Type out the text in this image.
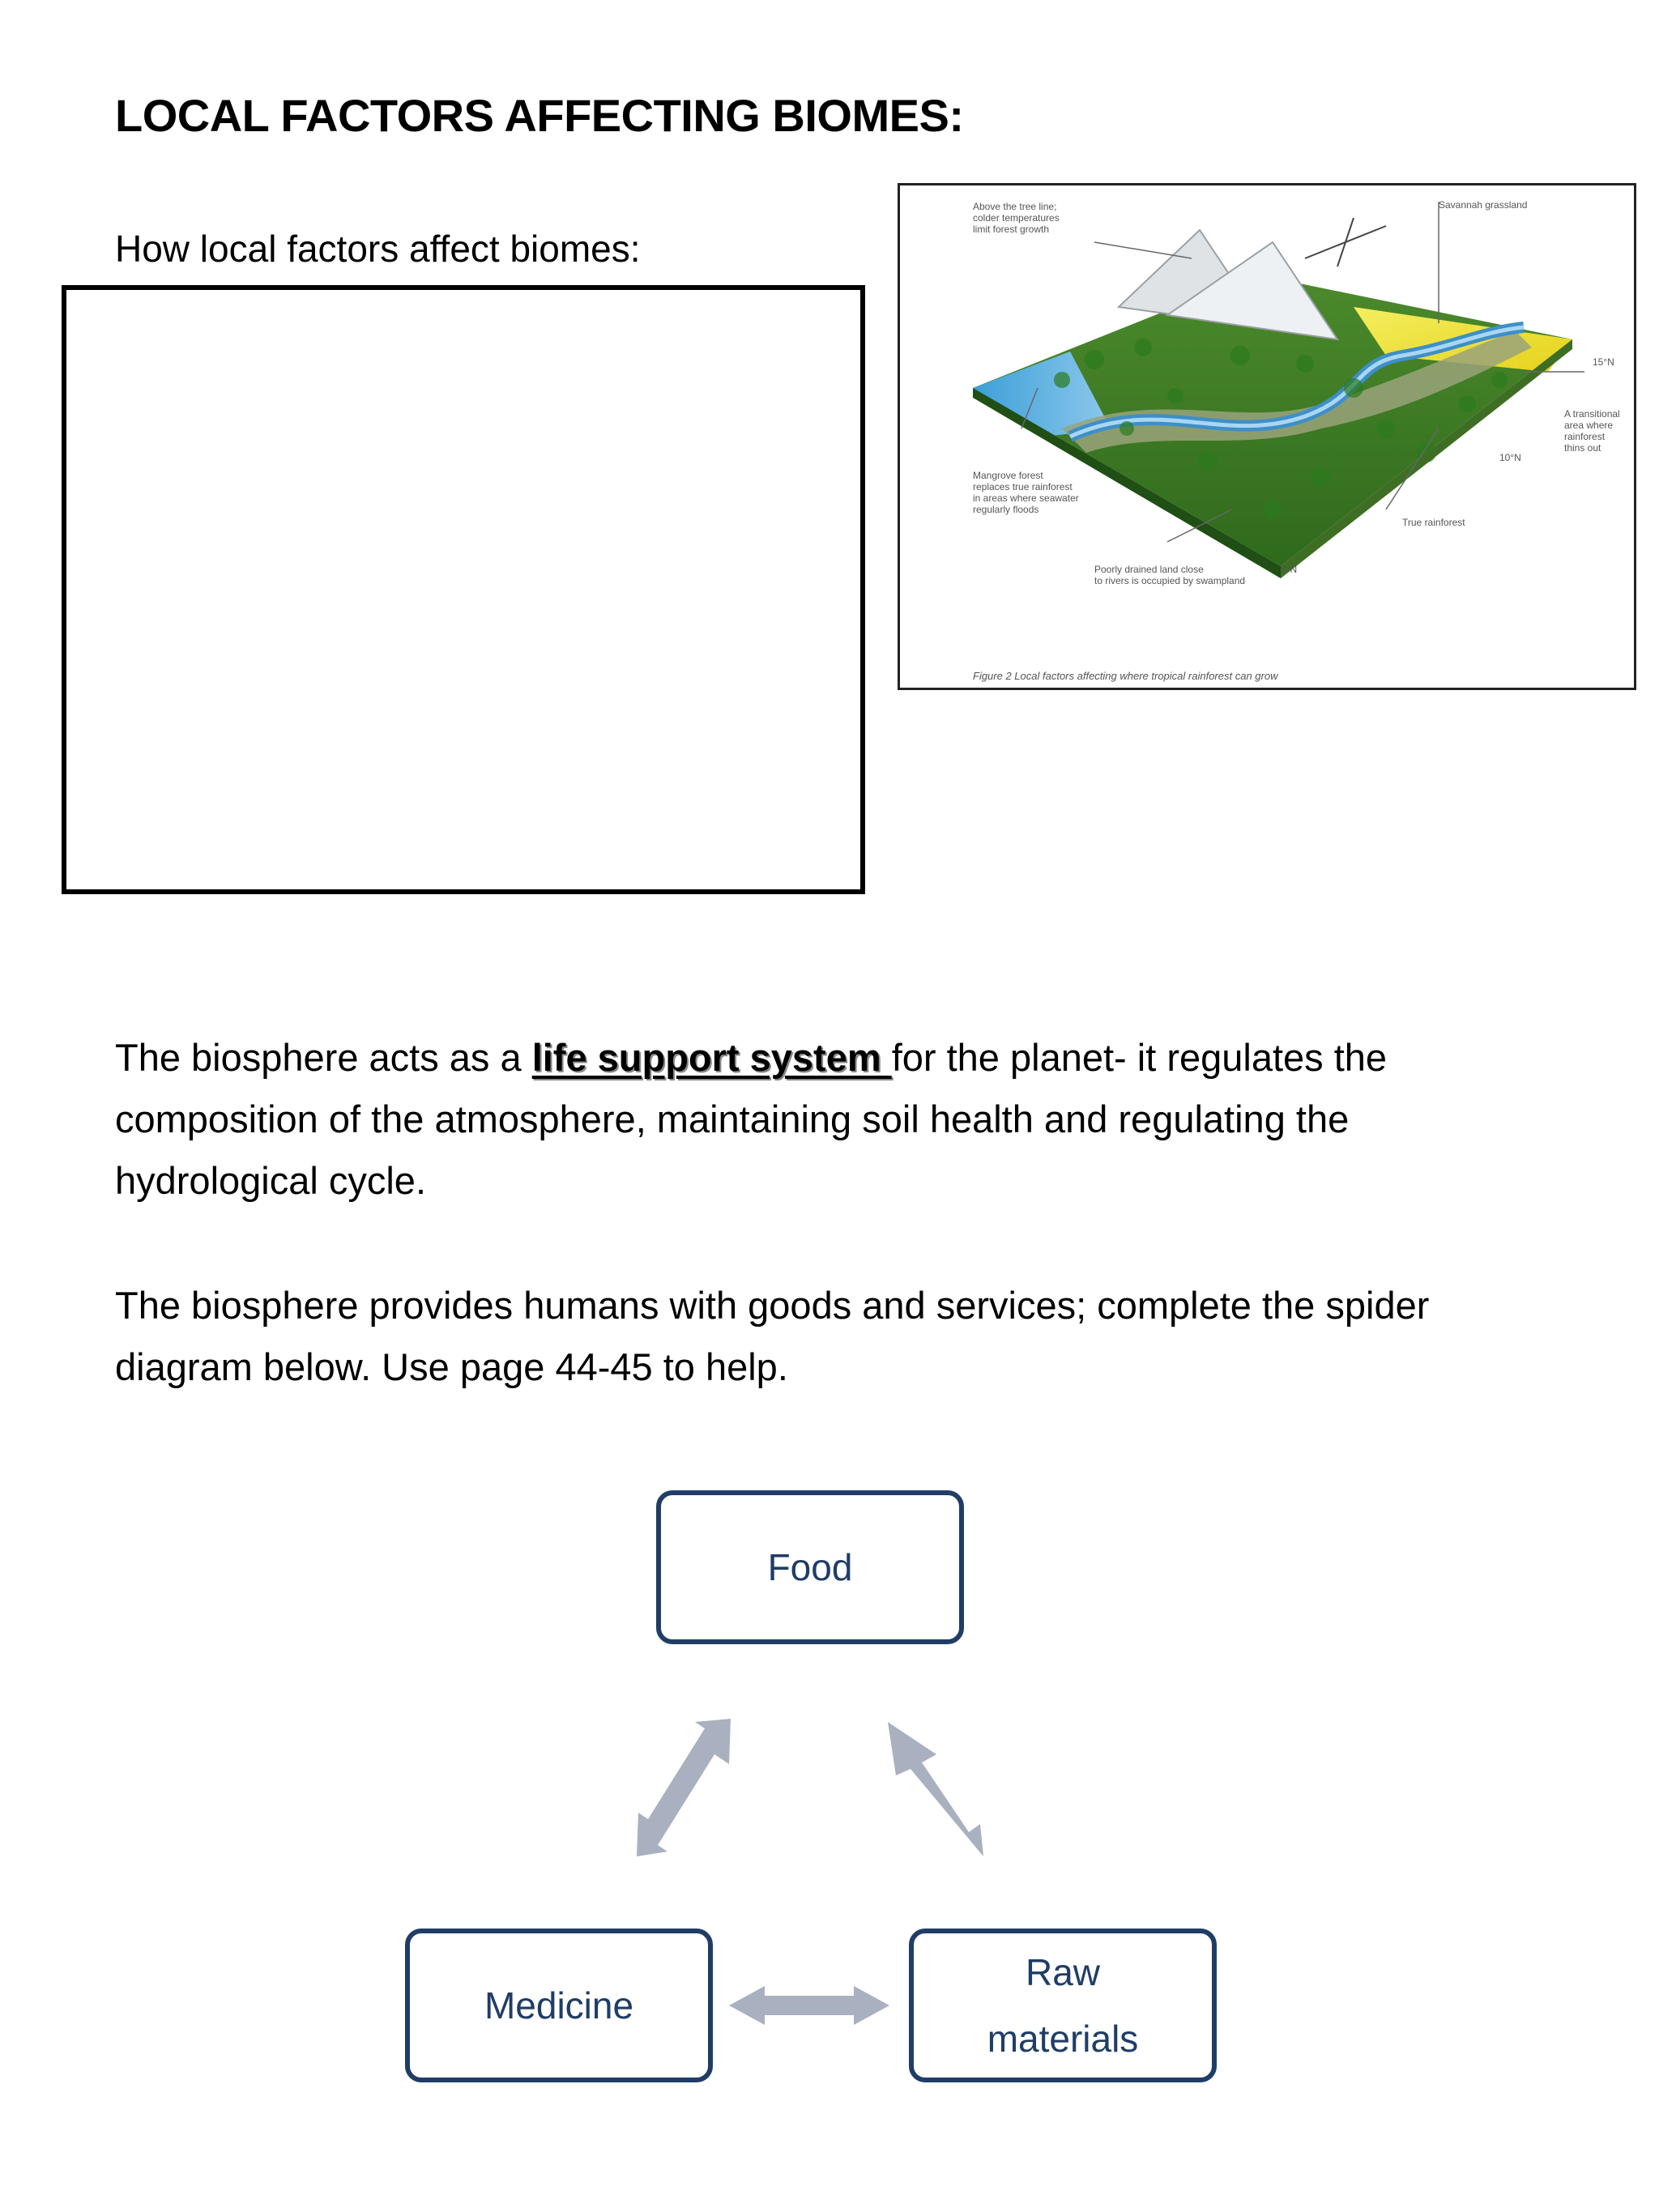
LOCAL FACTORS AFFECTING BIOMES:
How local factors affect biomes:
Above the tree line;
colder temperatures
limit forest growth
Savannah grassland
15°N
A transitional
area where
rainforest
thins out
10°N
Mangrove forest
replaces true rainforest
in areas where seawater
regularly floods
True rainforest
Poorly drained land close
to rivers is occupied by swampland
5°N
Figure 2 Local factors affecting where tropical rainforest can grow
The biosphere acts as a life support system for the planet- it regulates the composition of the atmosphere, maintaining soil health and regulating the hydrological cycle.
The biosphere provides humans with goods and services; complete the spider diagram below. Use page 44-45 to help.
Food
Medicine
Raw
materials
